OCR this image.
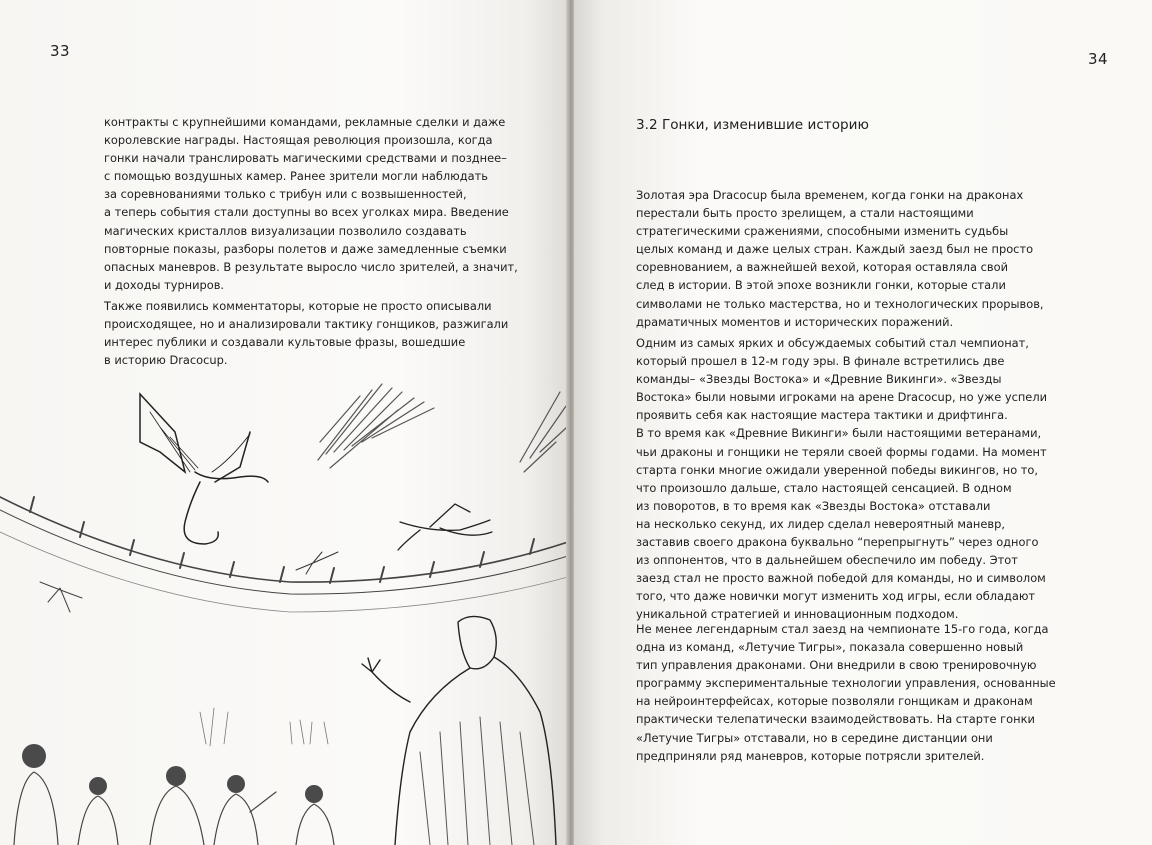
33
контракты с крупнейшими командами, рекламные сделки и даже
королевские награды. Настоящая революция произошла, когда
гонки начали транслировать магическими средствами и позднее–
с помощью воздушных камер. Ранее зрители могли наблюдать
за соревнованиями только с трибун или с возвышенностей,
а теперь события стали доступны во всех уголках мира. Введение
магических кристаллов визуализации позволило создавать
повторные показы, разборы полетов и даже замедленные съемки
опасных маневров. В результате выросло число зрителей, а значит,
и доходы турниров.
Также появились комментаторы, которые не просто описывали
происходящее, но и анализировали тактику гонщиков, разжигали
интерес публики и создавали культовые фразы, вошедшие
в историю Dracocup.
34
3.2 Гонки, изменившие историю
Золотая эра Dracocup была временем, когда гонки на драконах
перестали быть просто зрелищем, а стали настоящими
стратегическими сражениями, способными изменить судьбы
целых команд и даже целых стран. Каждый заезд был не просто
соревнованием, а важнейшей вехой, которая оставляла свой
след в истории. В этой эпохе возникли гонки, которые стали
символами не только мастерства, но и технологических прорывов,
драматичных моментов и исторических поражений.
Одним из самых ярких и обсуждаемых событий стал чемпионат,
который прошел в 12-м году эры. В финале встретились две
команды– «Звезды Востока» и «Древние Викинги». «Звезды
Востока» были новыми игроками на арене Dracocup, но уже успели
проявить себя как настоящие мастера тактики и дрифтинга.
В то время как «Древние Викинги» были настоящими ветеранами,
чьи драконы и гонщики не теряли своей формы годами. На момент
старта гонки многие ожидали уверенной победы викингов, но то,
что произошло дальше, стало настоящей сенсацией. В одном
из поворотов, в то время как «Звезды Востока» отставали
на несколько секунд, их лидер сделал невероятный маневр,
заставив своего дракона буквально “перепрыгнуть” через одного
из оппонентов, что в дальнейшем обеспечило им победу. Этот
заезд стал не просто важной победой для команды, но и символом
того, что даже новички могут изменить ход игры, если обладают
уникальной стратегией и инновационным подходом.
Не менее легендарным стал заезд на чемпионате 15-го года, когда
одна из команд, «Летучие Тигры», показала совершенно новый
тип управления драконами. Они внедрили в свою тренировочную
программу экспериментальные технологии управления, основанные
на нейроинтерфейсах, которые позволяли гонщикам и драконам
практически телепатически взаимодействовать. На старте гонки
«Летучие Тигры» отставали, но в середине дистанции они
предприняли ряд маневров, которые потрясли зрителей.
